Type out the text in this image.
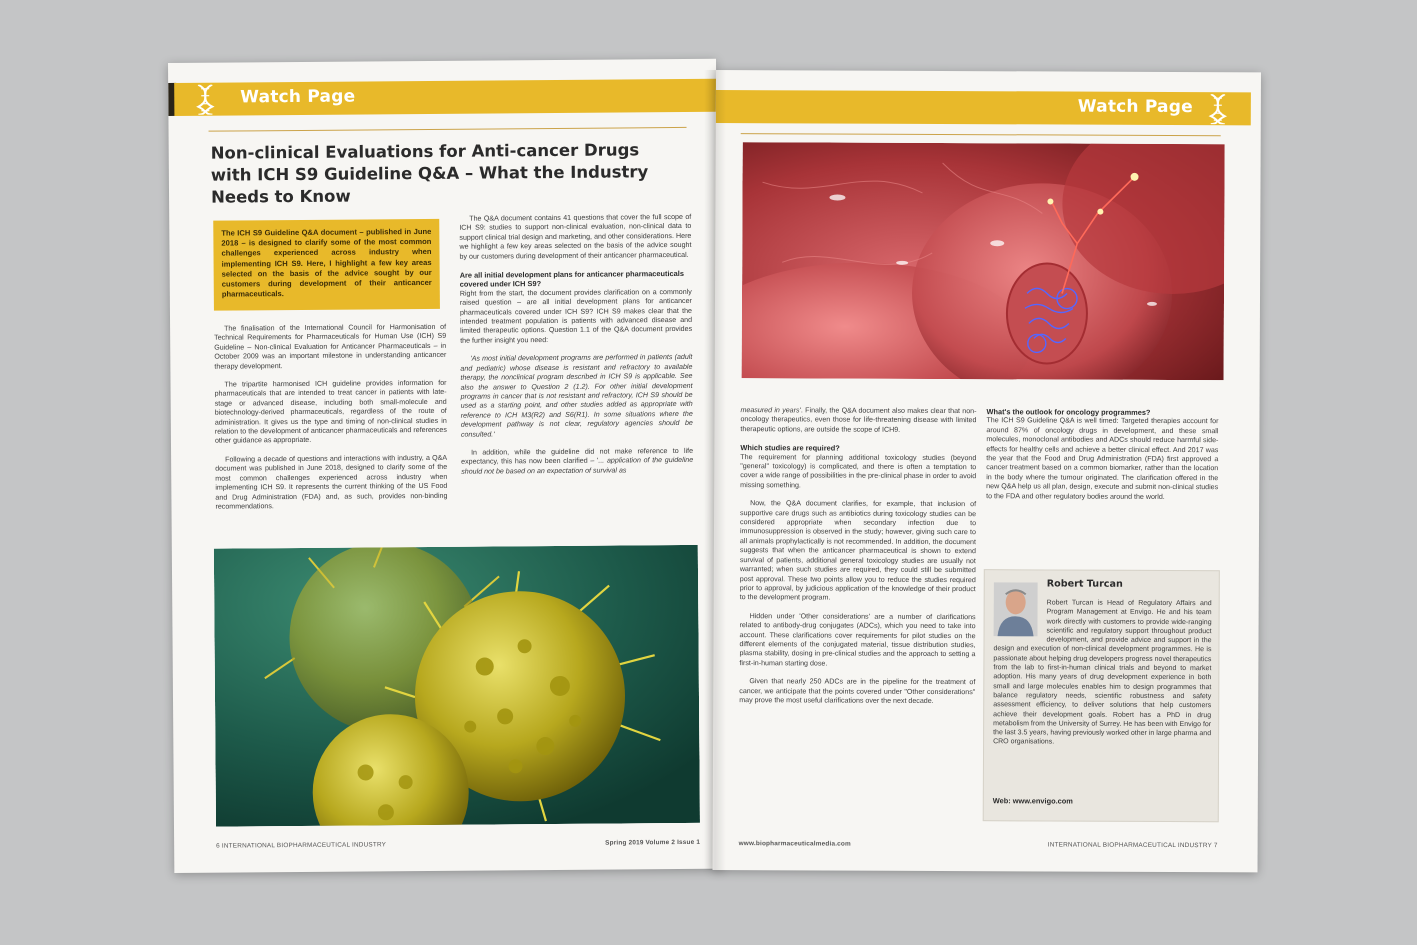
Watch Page
Non-clinical Evaluations for Anti-cancer Drugs with ICH S9 Guideline Q&A – What the Industry Needs to Know

The ICH S9 Guideline Q&A document – published in June 2018 – is designed to clarify some of the most common challenges experienced across industry when implementing ICH S9. Here, I highlight a few key areas selected on the basis of the advice sought by our customers during development of their anticancer pharmaceuticals.

The finalisation of the International Council for Harmonisation of Technical Requirements for Pharmaceuticals for Human Use (ICH) S9 Guideline – Non-clinical Evaluation for Anticancer Pharmaceuticals – in October 2009 was an important milestone in understanding anticancer therapy development.

The tripartite harmonised ICH guideline provides information for pharmaceuticals that are intended to treat cancer in patients with late-stage or advanced disease, including both small-molecule and biotechnology-derived pharmaceuticals, regardless of the route of administration. It gives us the type and timing of non-clinical studies in relation to the development of anticancer pharmaceuticals and references other guidance as appropriate.

Following a decade of questions and interactions with industry, a Q&A document was published in June 2018, designed to clarify some of the most common challenges experienced across industry when implementing ICH S9. It represents the current thinking of the US Food and Drug Administration (FDA) and, as such, provides non-binding recommendations.

The Q&A document contains 41 questions that cover the full scope of ICH S9: studies to support non-clinical evaluation, non-clinical data to support clinical trial design and marketing, and other considerations. Here we highlight a few key areas selected on the basis of the advice sought by our customers during development of their anticancer pharmaceutical.

Are all initial development plans for anticancer pharmaceuticals covered under ICH S9?

Right from the start, the document provides clarification on a commonly raised question – are all initial development plans for anticancer pharmaceuticals covered under ICH S9? ICH S9 makes clear that the intended treatment population is patients with advanced disease and limited therapeutic options. Question 1.1 of the Q&A document provides the further insight you need:

'As most initial development programs are performed in patients (adult and pediatric) whose disease is resistant and refractory to available therapy, the nonclinical program described in ICH S9 is applicable. See also the answer to Question 2 (1.2). For other initial development programs in cancer that is not resistant and refractory, ICH S9 should be used as a starting point, and other studies added as appropriate with reference to ICH M3(R2) and S6(R1). In some situations where the development pathway is not clear, regulatory agencies should be consulted.'

In addition, while the guideline did not make reference to life expectancy, this has now been clarified – '... application of the guideline should not be based on an expectation of survival as

6 INTERNATIONAL BIOPHARMACEUTICAL INDUSTRY	Spring 2019 Volume 2 Issue 1
Watch Page

measured in years'. Finally, the Q&A document also makes clear that non-oncology therapeutics, even those for life-threatening disease with limited therapeutic options, are outside the scope of ICH9.

Which studies are required?

The requirement for planning additional toxicology studies (beyond "general" toxicology) is complicated, and there is often a temptation to cover a wide range of possibilities in the pre-clinical phase in order to avoid missing something.

Now, the Q&A document clarifies, for example, that inclusion of supportive care drugs such as antibiotics during toxicology studies can be considered appropriate when secondary infection due to immunosuppression is observed in the study; however, giving such care to all animals prophylactically is not recommended. In addition, the document suggests that when the anticancer pharmaceutical is shown to extend survival of patients, additional general toxicology studies are usually not warranted; when such studies are required, they could still be submitted post approval. These two points allow you to reduce the studies required prior to approval, by judicious application of the knowledge of their product to the development program.

Hidden under 'Other considerations' are a number of clarifications related to antibody-drug conjugates (ADCs), which you need to take into account. These clarifications cover requirements for pilot studies on the different elements of the conjugated material, tissue distribution studies, plasma stability, dosing in pre-clinical studies and the approach to setting a first-in-human starting dose.

Given that nearly 250 ADCs are in the pipeline for the treatment of cancer, we anticipate that the points covered under "Other considerations" may prove the most useful clarifications over the next decade.

What's the outlook for oncology programmes?

The ICH S9 Guideline Q&A is well timed: Targeted therapies account for around 87% of oncology drugs in development, and these small molecules, monoclonal antibodies and ADCs should reduce harmful side-effects for healthy cells and achieve a better clinical effect. And 2017 was the year that the Food and Drug Administration (FDA) first approved a cancer treatment based on a common biomarker, rather than the location in the body where the tumour originated. The clarification offered in the new Q&A help us all plan, design, execute and submit non-clinical studies to the FDA and other regulatory bodies around the world.

Robert Turcan
Robert Turcan is Head of Regulatory Affairs and Program Management at Envigo. He and his team work directly with customers to provide wide-ranging scientific and regulatory support throughout product development, and provide advice and support in the design and execution of non-clinical development programmes. He is passionate about helping drug developers progress novel therapeutics from the lab to first-in-human clinical trials and beyond to market adoption. His many years of drug development experience in both small and large molecules enables him to design programmes that balance regulatory needs, scientific robustness and safety assessment efficiency, to deliver solutions that help customers achieve their development goals. Robert has a PhD in drug metabolism from the University of Surrey. He has been with Envigo for the last 3.5 years, having previously worked other in large pharma and CRO organisations.
Web: www.envigo.com
www.biopharmaceuticalmedia.com	INTERNATIONAL BIOPHARMACEUTICAL INDUSTRY 7
